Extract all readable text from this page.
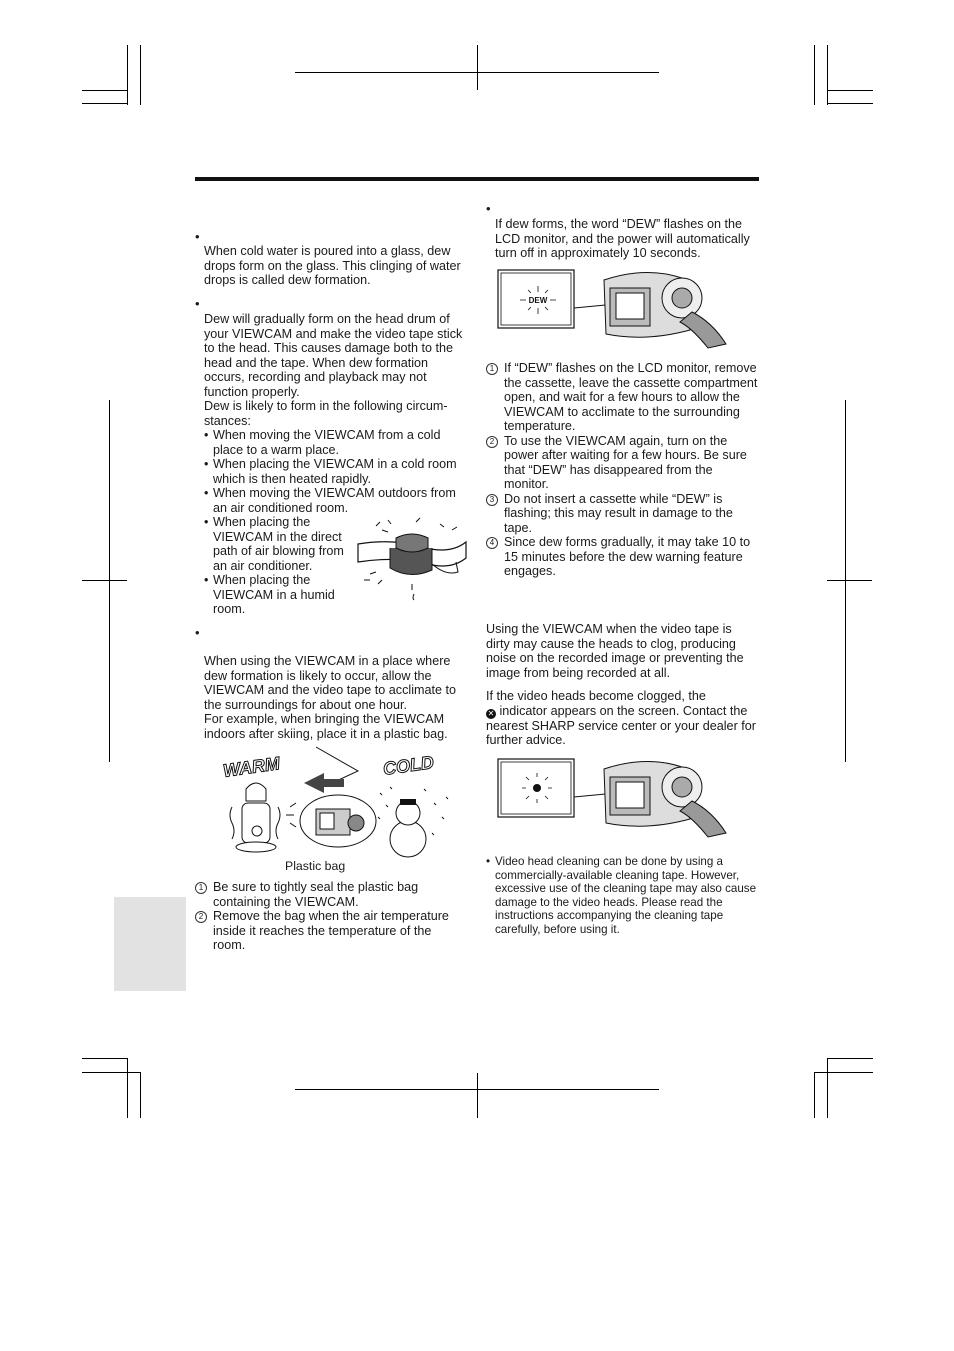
•

When cold water is poured into a glass, dew drops form on the glass. This clinging of water drops is called dew formation.

•

Dew will gradually form on the head drum of your VIEWCAM and make the video tape stick to the head. This causes damage both to the head and the tape. When dew formation occurs, recording and playback may not function properly.

Dew is likely to form in the following circum-stances:

• When moving the VIEWCAM from a cold place to a warm place.
• When placing the VIEWCAM in a cold room which is then heated rapidly.
• When moving the VIEWCAM outdoors from an air conditioned room.
• When placing the VIEWCAM in the direct path of air blowing from an air conditioner.
• When placing the VIEWCAM in a humid room.
•

When using the VIEWCAM in a place where dew formation is likely to occur, allow the VIEWCAM and the video tape to acclimate to the surroundings for about one hour.

For example, when bringing the VIEWCAM indoors after skiing, place it in a plastic bag.

Plastic bag
1 Be sure to tightly seal the plastic bag containing the VIEWCAM.
2 Remove the bag when the air temperature inside it reaches the temperature of the room.
WARM	COLD
•

If dew forms, the word “DEW” flashes on the LCD monitor, and the power will automatically turn off in approximately 10 seconds.

1 If “DEW” flashes on the LCD monitor, remove the cassette, leave the cassette compartment open, and wait for a few hours to allow the VIEWCAM to acclimate to the surrounding temperature.
2 To use the VIEWCAM again, turn on the power after waiting for a few hours. Be sure that “DEW” has disappeared from the monitor.
3 Do not insert a cassette while “DEW” is flashing; this may result in damage to the tape.
4 Since dew forms gradually, it may take 10 to 15 minutes before the dew warning feature engages.

Using the VIEWCAM when the video tape is dirty may cause the heads to clog, producing noise on the recorded image or preventing the image from being recorded at all.

If the video heads become clogged, the
✕ indicator appears on the screen. Contact the nearest SHARP service center or your dealer for further advice.

• Video head cleaning can be done by using a commercially-available cleaning tape. However, excessive use of the cleaning tape may also cause damage to the video heads. Please read the instructions accompanying the cleaning tape carefully, before using it.
DEW
